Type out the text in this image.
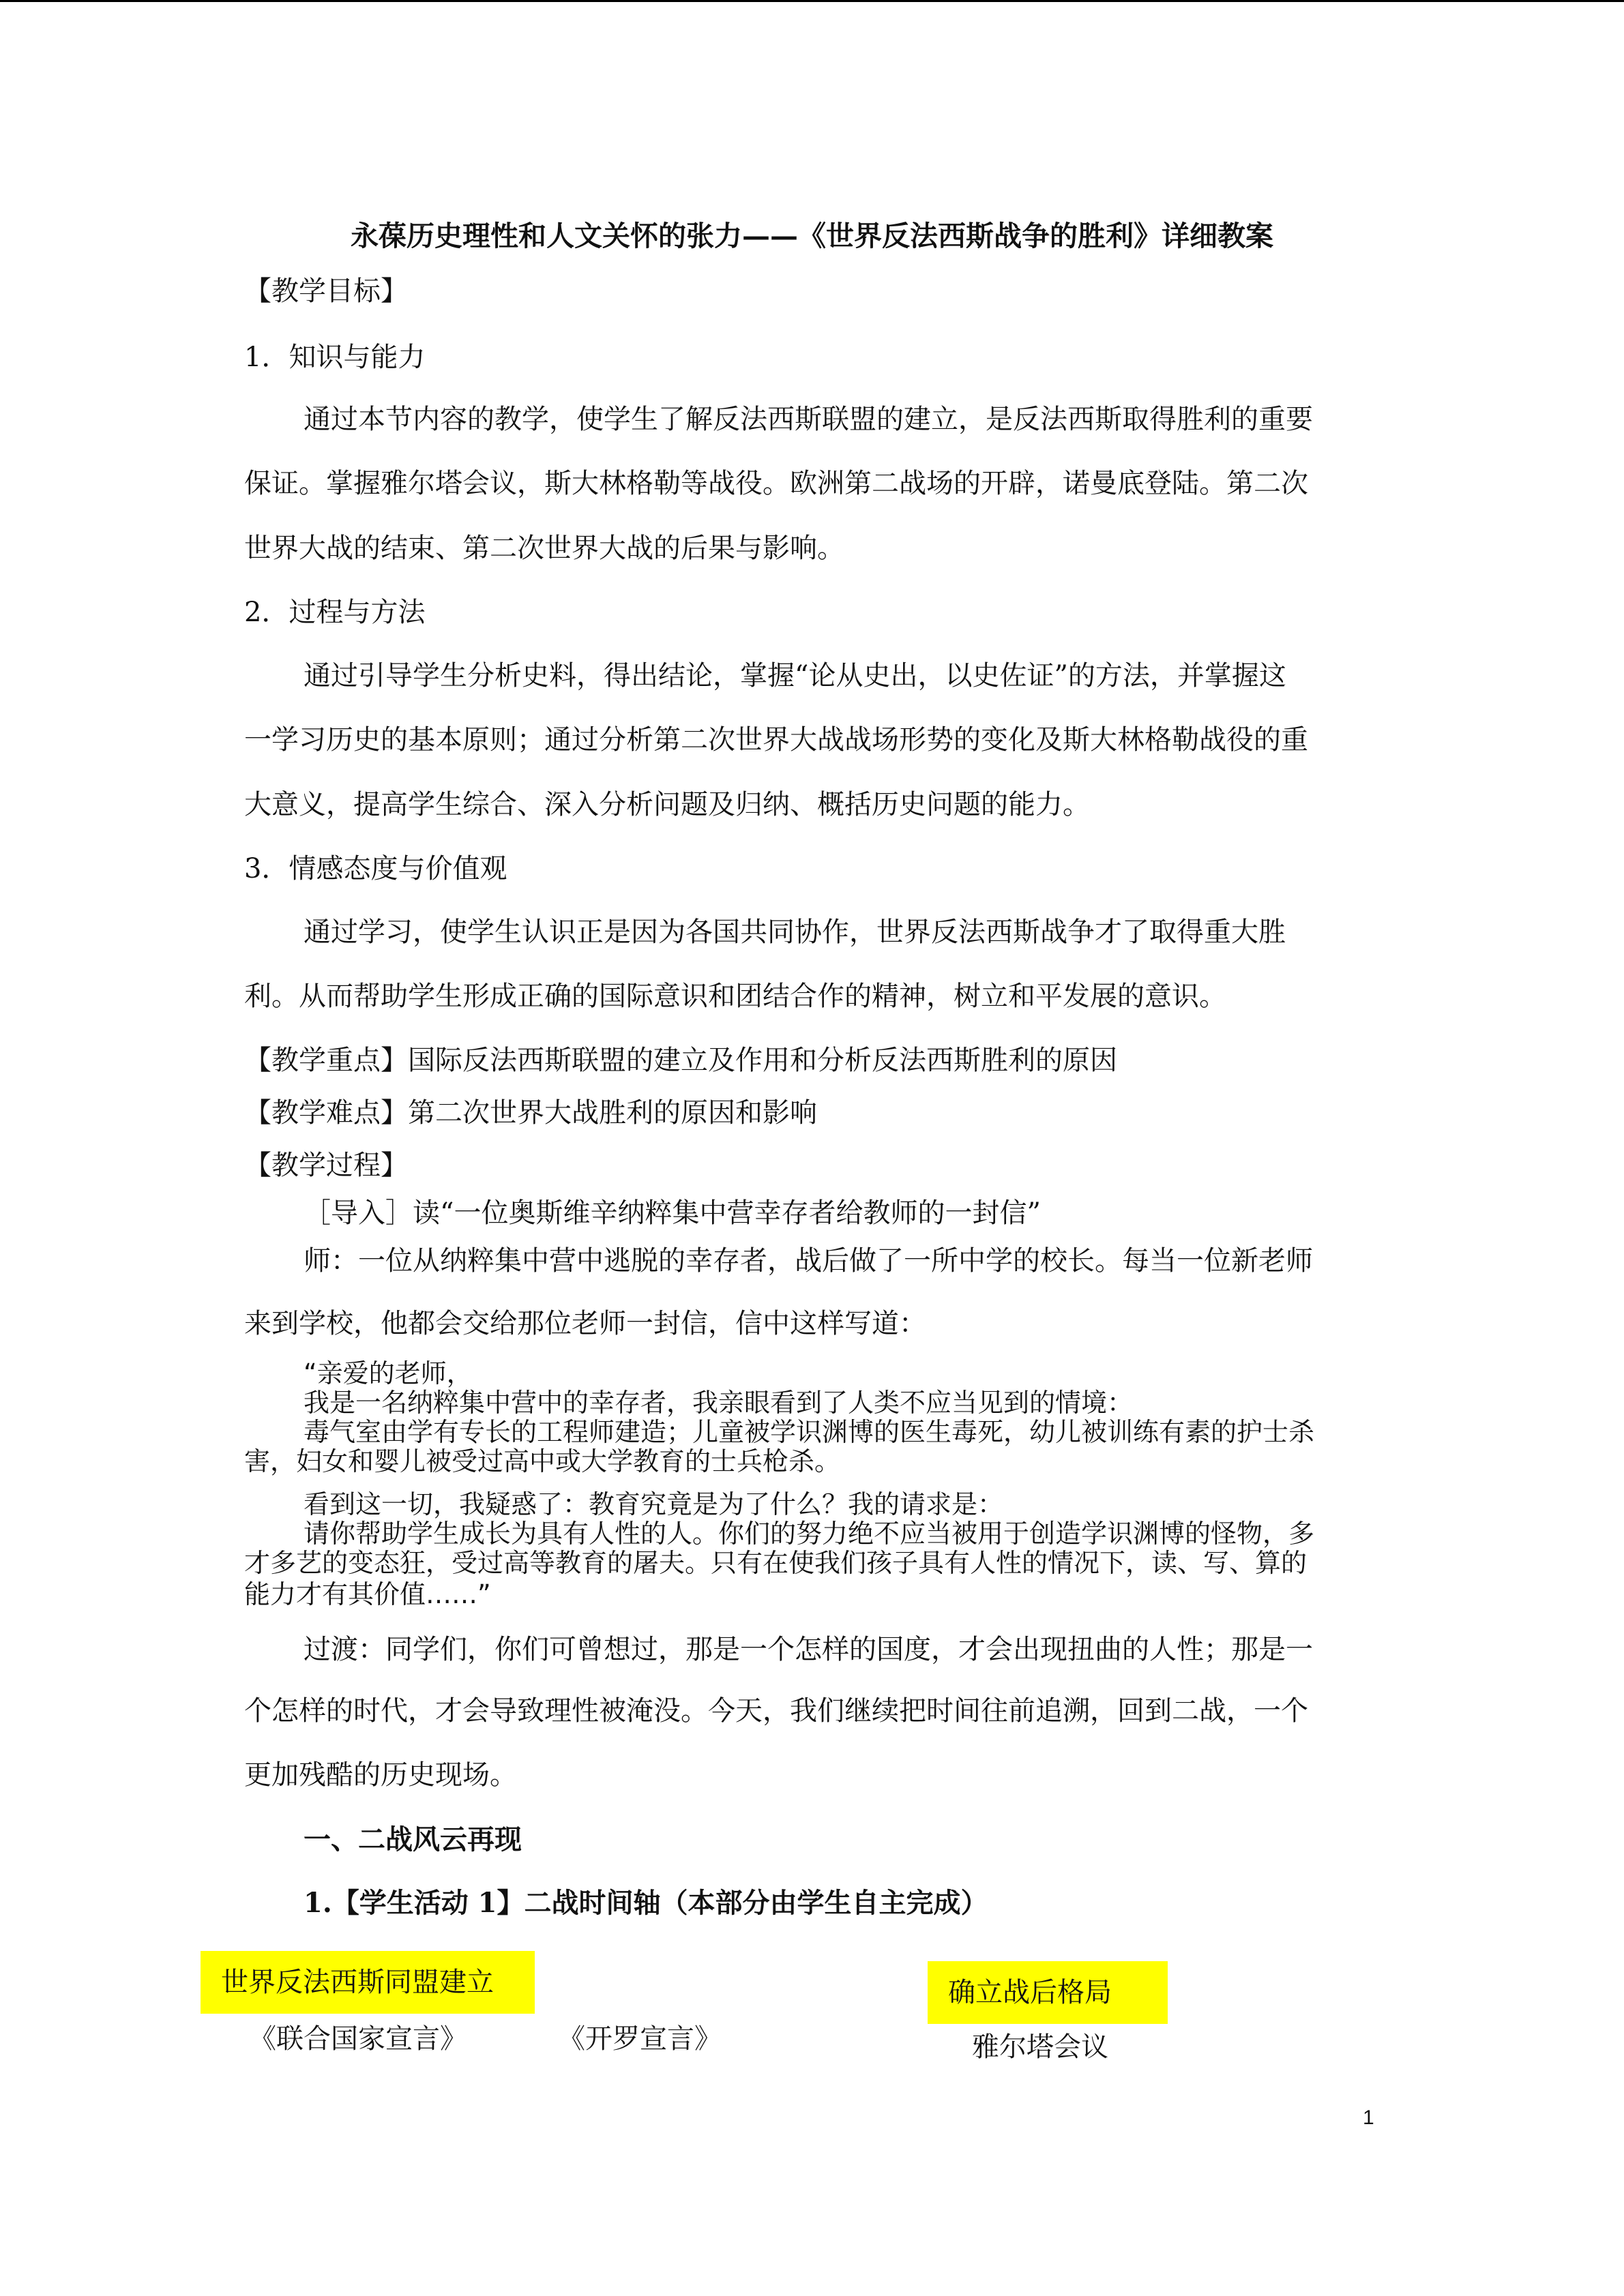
永葆历史理性和人文关怀的张力——《世界反法西斯战争的胜利》详细教案
【教学目标】
1．知识与能力
通过本节内容的教学，使学生了解反法西斯联盟的建立，是反法西斯取得胜利的重要
保证。掌握雅尔塔会议，斯大林格勒等战役。欧洲第二战场的开辟，诺曼底登陆。第二次
世界大战的结束、第二次世界大战的后果与影响。
2．过程与方法
通过引导学生分析史料，得出结论，掌握“论从史出，以史佐证”的方法，并掌握这
一学习历史的基本原则；通过分析第二次世界大战战场形势的变化及斯大林格勒战役的重
大意义，提高学生综合、深入分析问题及归纳、概括历史问题的能力。
3．情感态度与价值观
通过学习，使学生认识正是因为各国共同协作，世界反法西斯战争才了取得重大胜
利。从而帮助学生形成正确的国际意识和团结合作的精神，树立和平发展的意识。
【教学重点】国际反法西斯联盟的建立及作用和分析反法西斯胜利的原因
【教学难点】第二次世界大战胜利的原因和影响
【教学过程】
［导入］读“一位奥斯维辛纳粹集中营幸存者给教师的一封信”
师：一位从纳粹集中营中逃脱的幸存者，战后做了一所中学的校长。每当一位新老师
来到学校，他都会交给那位老师一封信，信中这样写道：
“亲爱的老师，
我是一名纳粹集中营中的幸存者，我亲眼看到了人类不应当见到的情境：
毒气室由学有专长的工程师建造；儿童被学识渊博的医生毒死，幼儿被训练有素的护士杀
害，妇女和婴儿被受过高中或大学教育的士兵枪杀。
看到这一切，我疑惑了：教育究竟是为了什么？我的请求是：
请你帮助学生成长为具有人性的人。你们的努力绝不应当被用于创造学识渊博的怪物，多
才多艺的变态狂，受过高等教育的屠夫。只有在使我们孩子具有人性的情况下，读、写、算的
能力才有其价值……”
过渡：同学们，你们可曾想过，那是一个怎样的国度，才会出现扭曲的人性；那是一
个怎样的时代，才会导致理性被淹没。今天，我们继续把时间往前追溯，回到二战，一个
更加残酷的历史现场。
一、二战风云再现
1.【学生活动 1】二战时间轴（本部分由学生自主完成）
世界反法西斯同盟建立
《联合国家宣言》	《开罗宣言》
确立战后格局
雅尔塔会议
1
